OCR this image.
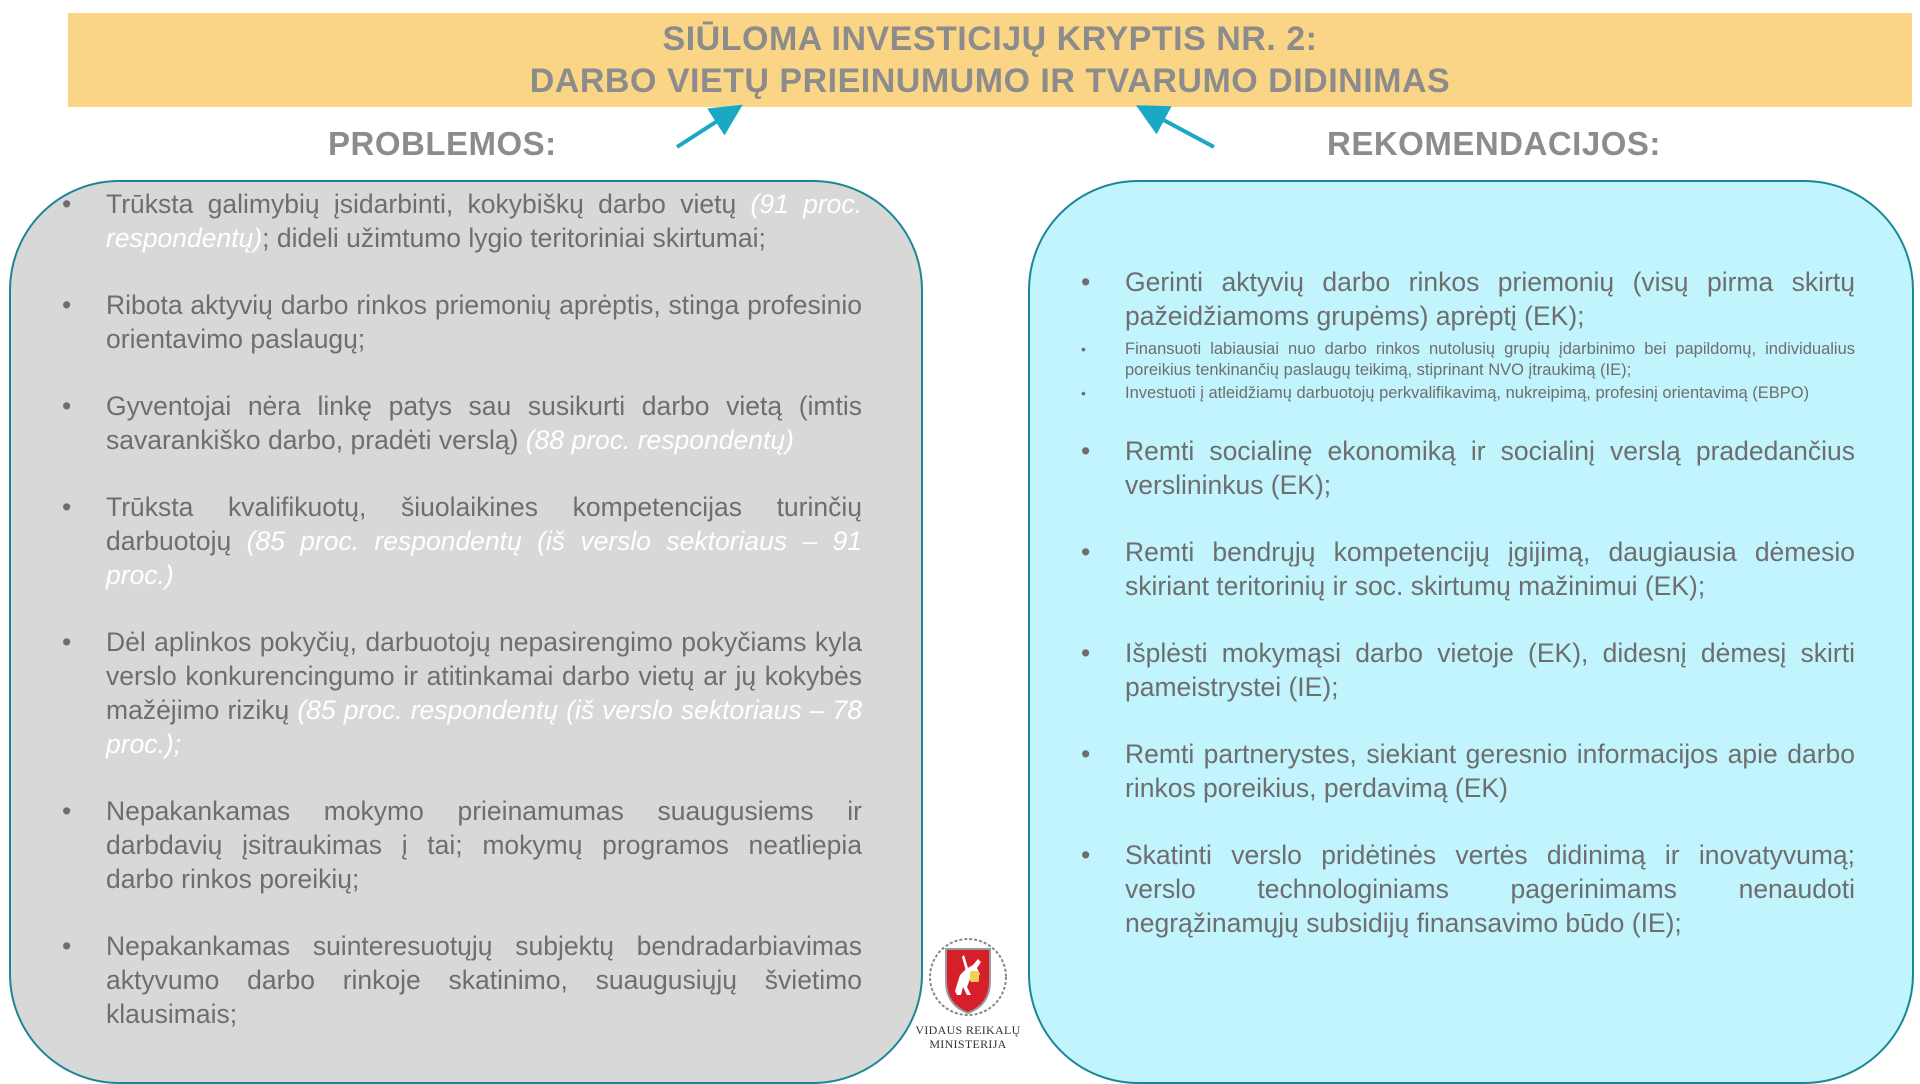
SIŪLOMA INVESTICIJŲ KRYPTIS NR. 2:
DARBO VIETŲ PRIEINUMUMO IR TVARUMO DIDINIMAS
PROBLEMOS:	REKOMENDACIJOS:
• Trūksta galimybių įsidarbinti, kokybiškų darbo vietų (91 proc. respondentų); dideli užimtumo lygio teritoriniai skirtumai;
• Ribota aktyvių darbo rinkos priemonių aprėptis, stinga profesinio orientavimo paslaugų;
• Gyventojai nėra linkę patys sau susikurti darbo vietą (imtis savarankiško darbo, pradėti verslą) (88 proc. respondentų)
• Trūksta kvalifikuotų, šiuolaikines kompetencijas turinčių darbuotojų (85 proc. respondentų (iš verslo sektoriaus – 91 proc.)
• Dėl aplinkos pokyčių, darbuotojų nepasirengimo pokyčiams kyla verslo konkurencingumo ir atitinkamai darbo vietų ar jų kokybės mažėjimo rizikų (85 proc. respondentų (iš verslo sektoriaus – 78 proc.);
• Nepakankamas mokymo prieinamumas suaugusiems ir darbdavių įsitraukimas į tai; mokymų programos neatliepia darbo rinkos poreikių;
• Nepakankamas suinteresuotųjų subjektų bendradarbiavimas aktyvumo darbo rinkoje skatinimo, suaugusiųjų švietimo klausimais;
• Gerinti aktyvių darbo rinkos priemonių (visų pirma skirtų pažeidžiamoms grupėms) aprėptį (EK);
• Finansuoti labiausiai nuo darbo rinkos nutolusių grupių įdarbinimo bei papildomų, individualius poreikius tenkinančių paslaugų teikimą, stiprinant NVO įtraukimą (IE);
• Investuoti į atleidžiamų darbuotojų perkvalifikavimą, nukreipimą, profesinį orientavimą (EBPO)
• Remti socialinę ekonomiką ir socialinį verslą pradedančius verslininkus (EK);
• Remti bendrųjų kompetencijų įgijimą, daugiausia dėmesio skiriant teritorinių ir soc. skirtumų mažinimui (EK);
• Išplėsti mokymąsi darbo vietoje (EK), didesnį dėmesį skirti pameistrystei (IE);
• Remti partnerystes, siekiant geresnio informacijos apie darbo rinkos poreikius, perdavimą (EK)
• Skatinti verslo pridėtinės vertės didinimą ir inovatyvumą; verslo technologiniams pagerinimams nenaudoti negrąžinamųjų subsidijų finansavimo būdo (IE);
VIDAUS REIKALŲ
MINISTERIJA
